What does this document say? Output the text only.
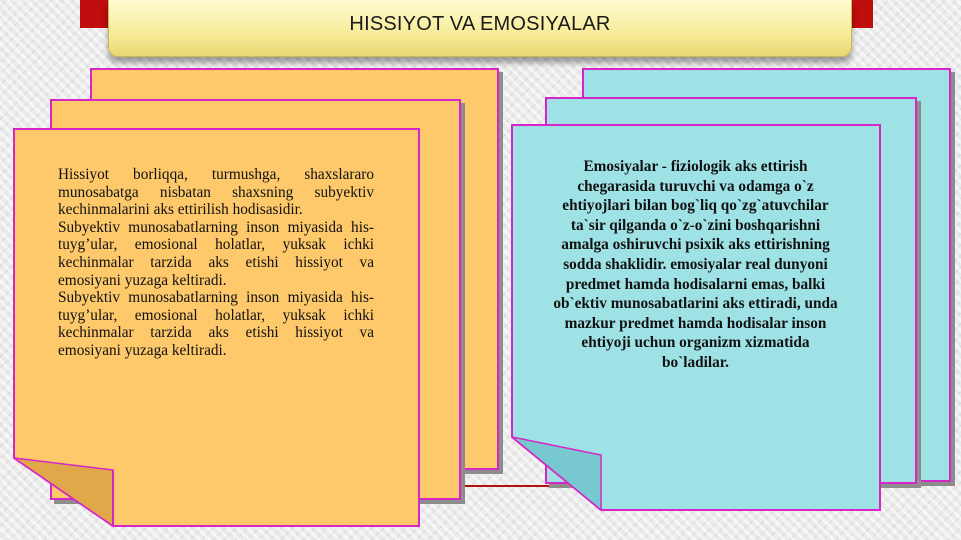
HISSIYOT VA EMOSIYALAR

Hissiyot borliqqa, turmushga, shaxslararo munosabatga nisbatan shaxsning subyektiv kechinmalarini aks ettirilish hodisasidir.

Subyektiv munosabatlarning inson miyasida his-tuyg’ular, emosional holatlar, yuksak ichki kechinmalar tarzida aks etishi hissiyot va emosiyani yuzaga keltiradi.

Subyektiv munosabatlarning inson miyasida his-tuyg’ular, emosional holatlar, yuksak ichki kechinmalar tarzida aks etishi hissiyot va emosiyani yuzaga keltiradi.

Emosiyalar - fiziologik aks ettirish chegarasida turuvchi va odamga o`z ehtiyojlari bilan bog`liq qo`zg`atuvchilar ta`sir qilganda o`z-o`zini boshqarishni amalga oshiruvchi psixik aks ettirishning sodda shaklidir. emosiyalar real dunyoni predmet hamda hodisalarni emas, balki ob`ektiv munosabatlarini aks ettiradi, unda mazkur predmet hamda hodisalar inson ehtiyoji uchun organizm xizmatida bo`ladilar.
